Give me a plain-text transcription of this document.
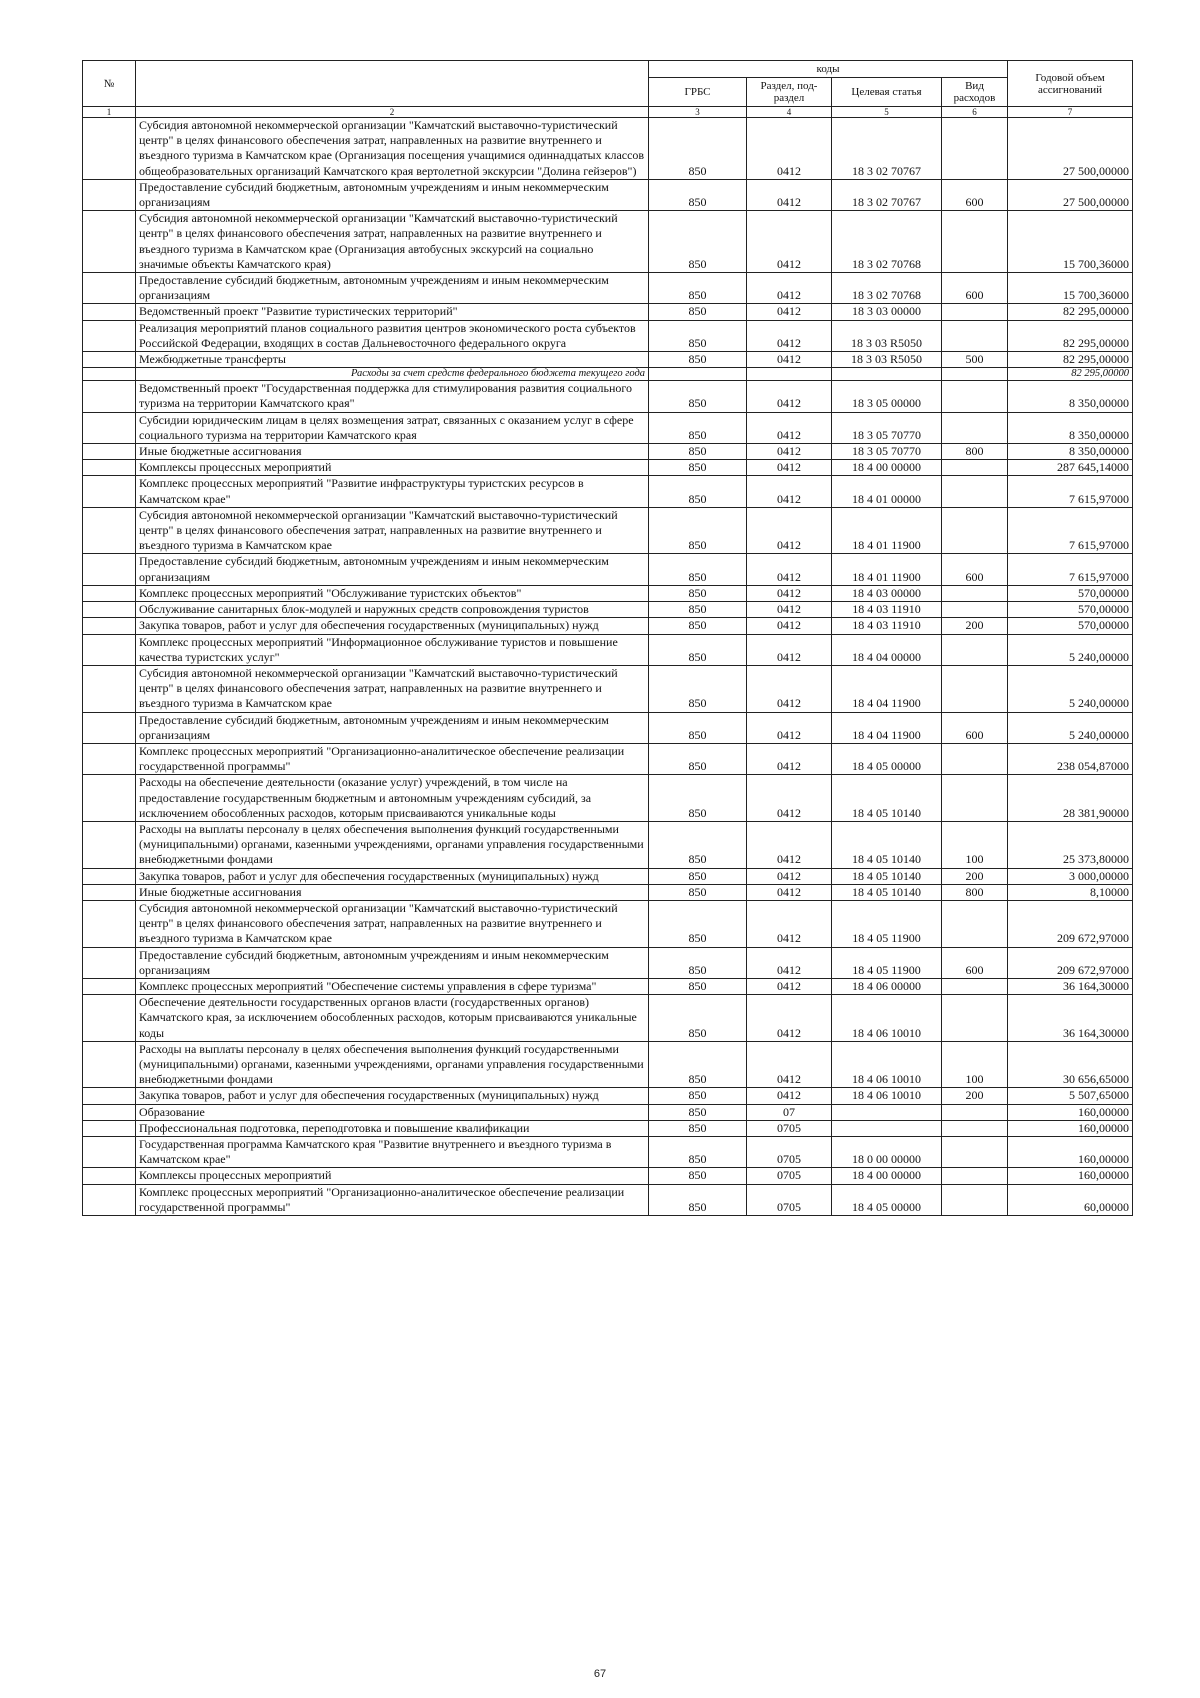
№		коды				Годовой объем ассигнований
		ГРБС	Раздел, под-раздел	Целевая статья	Вид расходов	
1	2	3	4	5	6	7
	Субсидия автономной некоммерческой организации "Камчатский выставочно-туристический центр" в целях финансового обеспечения затрат, направленных на развитие внутреннего и въездного туризма в Камчатском крае (Организация посещения учащимися одиннадцатых классов общеобразовательных организаций Камчатского края вертолетной экскурсии "Долина гейзеров")	850	0412	18 3 02 70767		27 500,00000
	Предоставление субсидий бюджетным, автономным учреждениям и иным некоммерческим организациям	850	0412	18 3 02 70767	600	27 500,00000
	Субсидия автономной некоммерческой организации "Камчатский выставочно-туристический центр" в целях финансового обеспечения затрат, направленных на развитие внутреннего и въездного туризма в Камчатском крае (Организация автобусных экскурсий на социально значимые объекты Камчатского края)	850	0412	18 3 02 70768		15 700,36000
	Предоставление субсидий бюджетным, автономным учреждениям и иным некоммерческим организациям	850	0412	18 3 02 70768	600	15 700,36000
	Ведомственный проект "Развитие туристических территорий"	850	0412	18 3 03 00000		82 295,00000
	Реализация мероприятий планов социального развития центров экономического роста субъектов Российской Федерации, входящих в состав Дальневосточного федерального округа	850	0412	18 3 03 R5050		82 295,00000
	Межбюджетные трансферты	850	0412	18 3 03 R5050	500	82 295,00000
	Расходы за счет средств федерального бюджета текущего года					82 295,00000
	Ведомственный проект "Государственная поддержка для стимулирования развития социального туризма на территории Камчатского края"	850	0412	18 3 05 00000		8 350,00000
	Субсидии юридическим лицам в целях возмещения затрат, связанных с оказанием услуг в сфере социального туризма на территории Камчатского края	850	0412	18 3 05 70770		8 350,00000
	Иные бюджетные ассигнования	850	0412	18 3 05 70770	800	8 350,00000
	Комплексы процессных мероприятий	850	0412	18 4 00 00000		287 645,14000
	Комплекс процессных мероприятий "Развитие инфраструктуры туристских ресурсов в Камчатском крае"	850	0412	18 4 01 00000		7 615,97000
	Субсидия автономной некоммерческой организации "Камчатский выставочно-туристический центр" в целях финансового обеспечения затрат, направленных на развитие внутреннего и въездного туризма в Камчатском крае	850	0412	18 4 01 11900		7 615,97000
	Предоставление субсидий бюджетным, автономным учреждениям и иным некоммерческим организациям	850	0412	18 4 01 11900	600	7 615,97000
	Комплекс процессных мероприятий "Обслуживание туристских объектов"	850	0412	18 4 03 00000		570,00000
	Обслуживание санитарных блок-модулей и наружных средств сопровождения туристов	850	0412	18 4 03 11910		570,00000
	Закупка товаров, работ и услуг для обеспечения государственных (муниципальных) нужд	850	0412	18 4 03 11910	200	570,00000
	Комплекс процессных мероприятий "Информационное обслуживание туристов и повышение качества туристских услуг"	850	0412	18 4 04 00000		5 240,00000
	Субсидия автономной некоммерческой организации "Камчатский выставочно-туристический центр" в целях финансового обеспечения затрат, направленных на развитие внутреннего и въездного туризма в Камчатском крае	850	0412	18 4 04 11900		5 240,00000
	Предоставление субсидий бюджетным, автономным учреждениям и иным некоммерческим организациям	850	0412	18 4 04 11900	600	5 240,00000
	Комплекс процессных мероприятий "Организационно-аналитическое обеспечение реализации государственной программы"	850	0412	18 4 05 00000		238 054,87000
	Расходы на обеспечение деятельности (оказание услуг) учреждений, в том числе на предоставление государственным бюджетным и автономным учреждениям субсидий, за исключением обособленных расходов, которым присваиваются уникальные коды	850	0412	18 4 05 10140		28 381,90000
	Расходы на выплаты персоналу в целях обеспечения выполнения функций государственными (муниципальными) органами, казенными учреждениями, органами управления государственными внебюджетными фондами	850	0412	18 4 05 10140	100	25 373,80000
	Закупка товаров, работ и услуг для обеспечения государственных (муниципальных) нужд	850	0412	18 4 05 10140	200	3 000,00000
	Иные бюджетные ассигнования	850	0412	18 4 05 10140	800	8,10000
	Субсидия автономной некоммерческой организации "Камчатский выставочно-туристический центр" в целях финансового обеспечения затрат, направленных на развитие внутреннего и въездного туризма в Камчатском крае	850	0412	18 4 05 11900		209 672,97000
	Предоставление субсидий бюджетным, автономным учреждениям и иным некоммерческим организациям	850	0412	18 4 05 11900	600	209 672,97000
	Комплекс процессных мероприятий "Обеспечение системы управления в сфере туризма"	850	0412	18 4 06 00000		36 164,30000
	Обеспечение деятельности государственных органов власти (государственных органов) Камчатского края, за исключением обособленных расходов, которым присваиваются уникальные коды	850	0412	18 4 06 10010		36 164,30000
	Расходы на выплаты персоналу в целях обеспечения выполнения функций государственными (муниципальными) органами, казенными учреждениями, органами управления государственными внебюджетными фондами	850	0412	18 4 06 10010	100	30 656,65000
	Закупка товаров, работ и услуг для обеспечения государственных (муниципальных) нужд	850	0412	18 4 06 10010	200	5 507,65000
	Образование	850	07			160,00000
	Профессиональная подготовка, переподготовка и повышение квалификации	850	0705			160,00000
	Государственная программа Камчатского края "Развитие внутреннего и въездного туризма в Камчатском крае"	850	0705	18 0 00 00000		160,00000
	Комплексы процессных мероприятий	850	0705	18 4 00 00000		160,00000
	Комплекс процессных мероприятий "Организационно-аналитическое обеспечение реализации государственной программы"	850	0705	18 4 05 00000		60,00000
67
